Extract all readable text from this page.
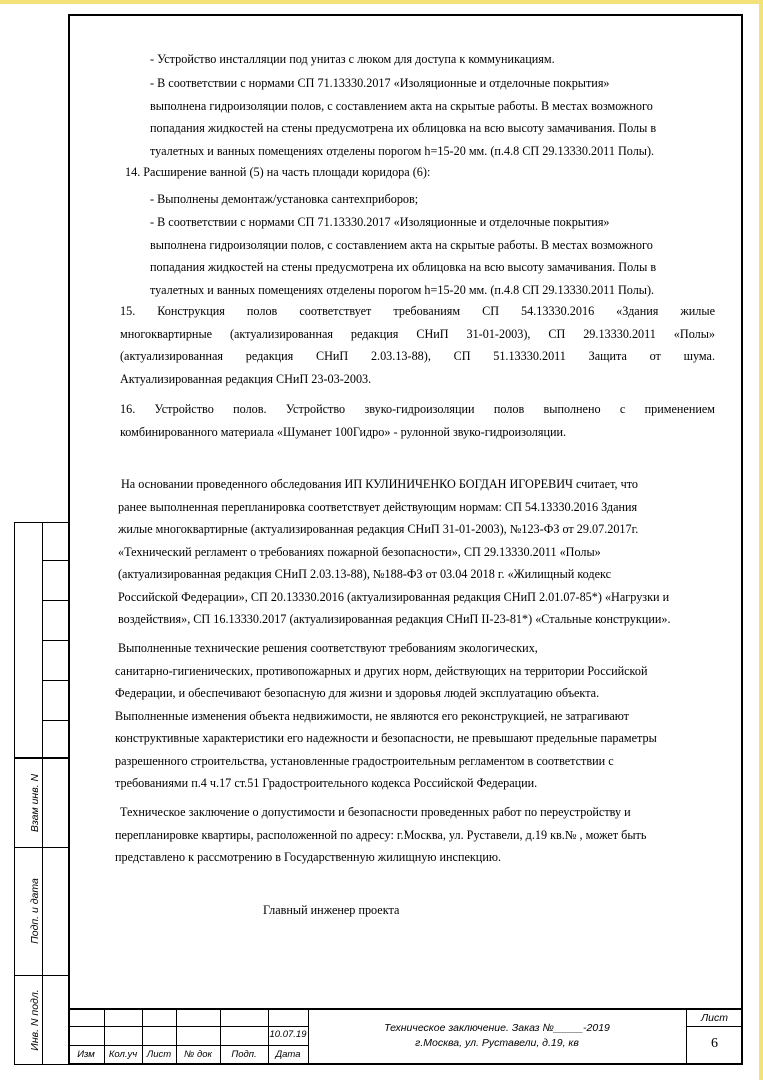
- Устройство инсталляции под унитаз с люком для доступа к коммуникациям.
- В соответствии с нормами СП 71.13330.2017 «Изоляционные и отделочные покрытия»
выполнена гидроизоляции полов, с составлением акта на скрытые работы. В местах возможного
попадания жидкостей на стены предусмотрена их облицовка на всю высоту замачивания. Полы в
туалетных и ванных помещениях отделены порогом h=15-20 мм. (п.4.8 СП 29.13330.2011 Полы).
14. Расширение ванной (5) на часть площади коридора (6):
- Выполнены демонтаж/установка сантехприборов;
- В соответствии с нормами СП 71.13330.2017 «Изоляционные и отделочные покрытия»
выполнена гидроизоляции полов, с составлением акта на скрытые работы. В местах возможного
попадания жидкостей на стены предусмотрена их облицовка на всю высоту замачивания. Полы в
туалетных и ванных помещениях отделены порогом h=15-20 мм. (п.4.8 СП 29.13330.2011 Полы).
15. Конструкция полов соответствует требованиям СП 54.13330.2016 «Здания жилые
многоквартирные (актуализированная редакция СНиП 31-01-2003), СП 29.13330.2011 «Полы»
(актуализированная редакция СНиП 2.03.13-88), СП 51.13330.2011 Защита от шума.
Актуализированная редакция СНиП 23-03-2003.
16. Устройство полов. Устройство звуко-гидроизоляции полов выполнено с применением
комбинированного материала «Шуманет 100Гидро» - рулонной звуко-гидроизоляции.
На основании проведенного обследования ИП КУЛИНИЧЕНКО БОГДАН ИГОРЕВИЧ считает, что
ранее выполненная перепланировка соответствует действующим нормам: СП 54.13330.2016 Здания
жилые многоквартирные (актуализированная редакция СНиП 31-01-2003), №123-ФЗ от 29.07.2017г.
«Технический регламент о требованиях пожарной безопасности», СП 29.13330.2011 «Полы»
(актуализированная редакция СНиП 2.03.13-88), №188-ФЗ от 03.04 2018 г. «Жилищный кодекс
Российской Федерации», СП 20.13330.2016 (актуализированная редакция СНиП 2.01.07-85*) «Нагрузки и
воздействия», СП 16.13330.2017 (актуализированная редакция СНиП II-23-81*) «Стальные конструкции».
Выполненные технические решения соответствуют требованиям экологических,
санитарно-гигиенических, противопожарных и других норм, действующих на территории Российской
Федерации, и обеспечивают безопасную для жизни и здоровья людей эксплуатацию объекта.
Выполненные изменения объекта недвижимости, не являются его реконструкцией, не затрагивают
конструктивные характеристики его надежности и безопасности, не превышают предельные параметры
разрешенного строительства, установленные градостроительным регламентом в соответствии с
требованиями п.4 ч.17 ст.51 Градостроительного кодекса Российской Федерации.
Техническое заключение о допустимости и безопасности проведенных работ по переустройству и
перепланировке квартиры, расположенной по адресу: г.Москва, ул. Руставели, д.19 кв.№ , может быть
представлено к рассмотрению в Государственную жилищную инспекцию.
Главный инженер проекта
Взам инв. N
Подп. и дата
Инв. N подл.	10.07.19
Изм	Кол.уч	Лист	№ док	Подп.	Дата
Техническое заключение. Заказ №_____-2019
г.Москва, ул. Руставели, д.19, кв
Лист
6
